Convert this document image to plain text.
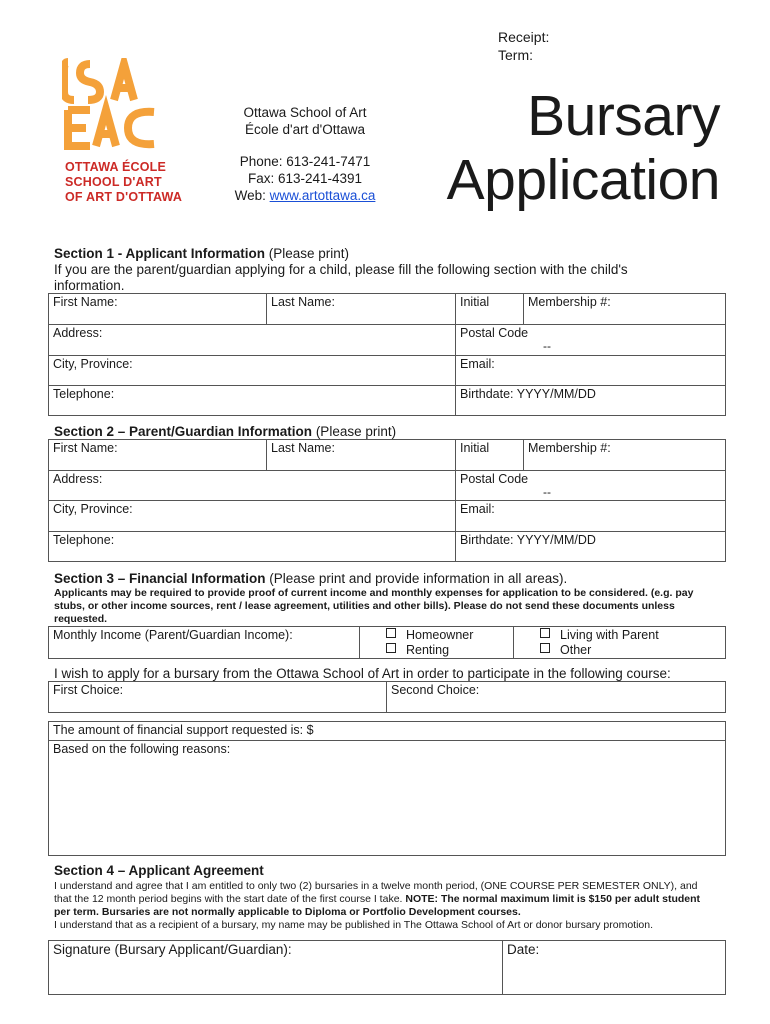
Receipt:
Term:
OTTAWA ÉCOLE
SCHOOL D'ART
OF ART D'OTTAWA
Ottawa School of Art
École d'art d'Ottawa
Phone: 613-241-7471
Fax: 613-241-4391
Web: www.artottawa.ca
Bursary
Application
Section 1 - Applicant Information (Please print)
If you are the parent/guardian applying for a child, please fill the following section with the child's information.
First Name:	Last Name:	Initial	Membership #:
Address:		Postal Code
--	

City, Province:		Email:	
Telephone:		Birthdate: YYYY/MM/DD	
Section 2 – Parent/Guardian Information (Please print)
First Name:	Last Name:	Initial	Membership #:
Address:		Postal Code
--	

City, Province:		Email:	
Telephone:		Birthdate: YYYY/MM/DD	
Section 3 – Financial Information (Please print and provide information in all areas).
Applicants may be required to provide proof of current income and monthly expenses for application to be considered. (e.g. pay stubs, or other income sources, rent / lease agreement, utilities and other bills). Please do not send these documents unless requested.
Monthly Income (Parent/Guardian Income):	Homeowner
Renting

Living with Parent
Other
I wish to apply for a bursary from the Ottawa School of Art in order to participate in the following course:
First Choice:	Second Choice:
The amount of financial support requested is: $
Based on the following reasons:
Section 4 – Applicant Agreement
I understand and agree that I am entitled to only two (2) bursaries in a twelve month period, (ONE COURSE PER SEMESTER ONLY), and that the 12 month period begins with the start date of the first course I take. NOTE: The normal maximum limit is $150 per adult student per term. Bursaries are not normally applicable to Diploma or Portfolio Development courses.
I understand that as a recipient of a bursary, my name may be published in The Ottawa School of Art or donor bursary promotion.
Signature (Bursary Applicant/Guardian):	Date:
